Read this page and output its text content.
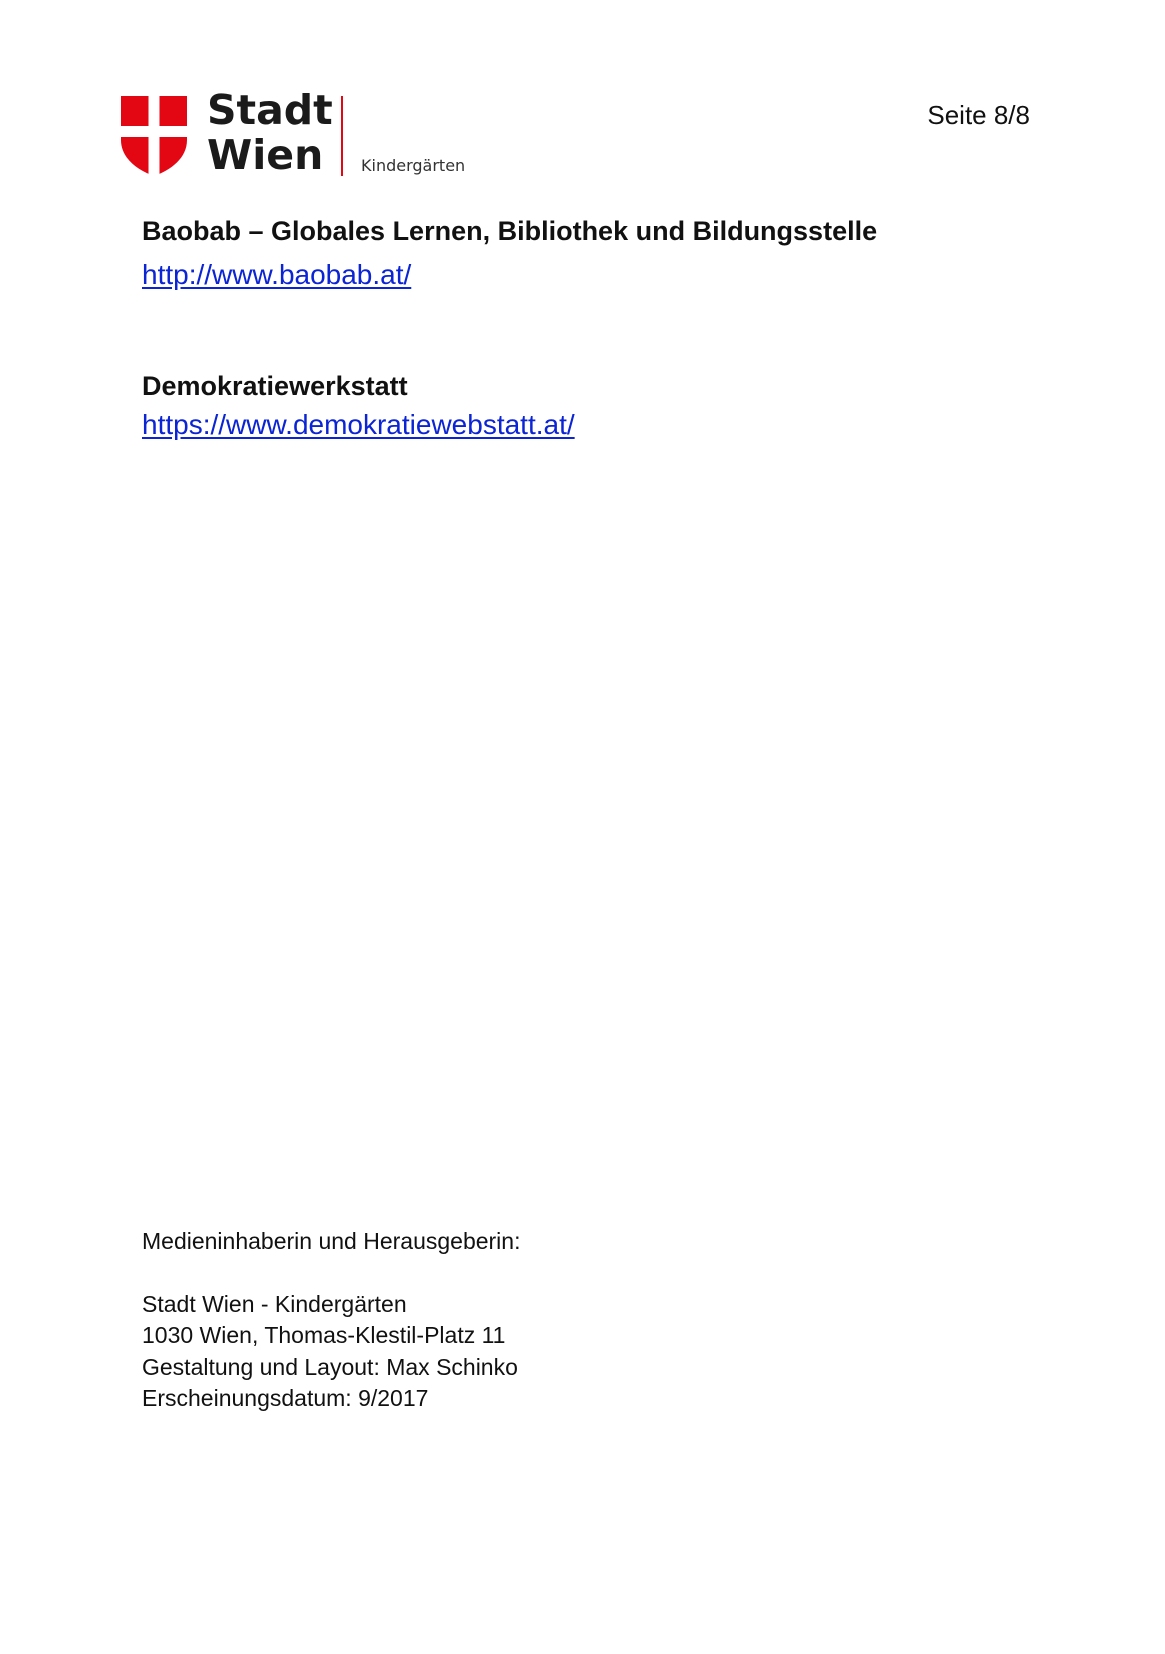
Stadt
Wien	Kindergärten
Seite 8/8
Baobab – Globales Lernen, Bibliothek und Bildungsstelle
http://www.baobab.at/
Demokratiewerkstatt
https://www.demokratiewebstatt.at/
Medieninhaberin und Herausgeberin:
Stadt Wien - Kindergärten
1030 Wien, Thomas-Klestil-Platz 11
Gestaltung und Layout: Max Schinko
Erscheinungsdatum: 9/2017
